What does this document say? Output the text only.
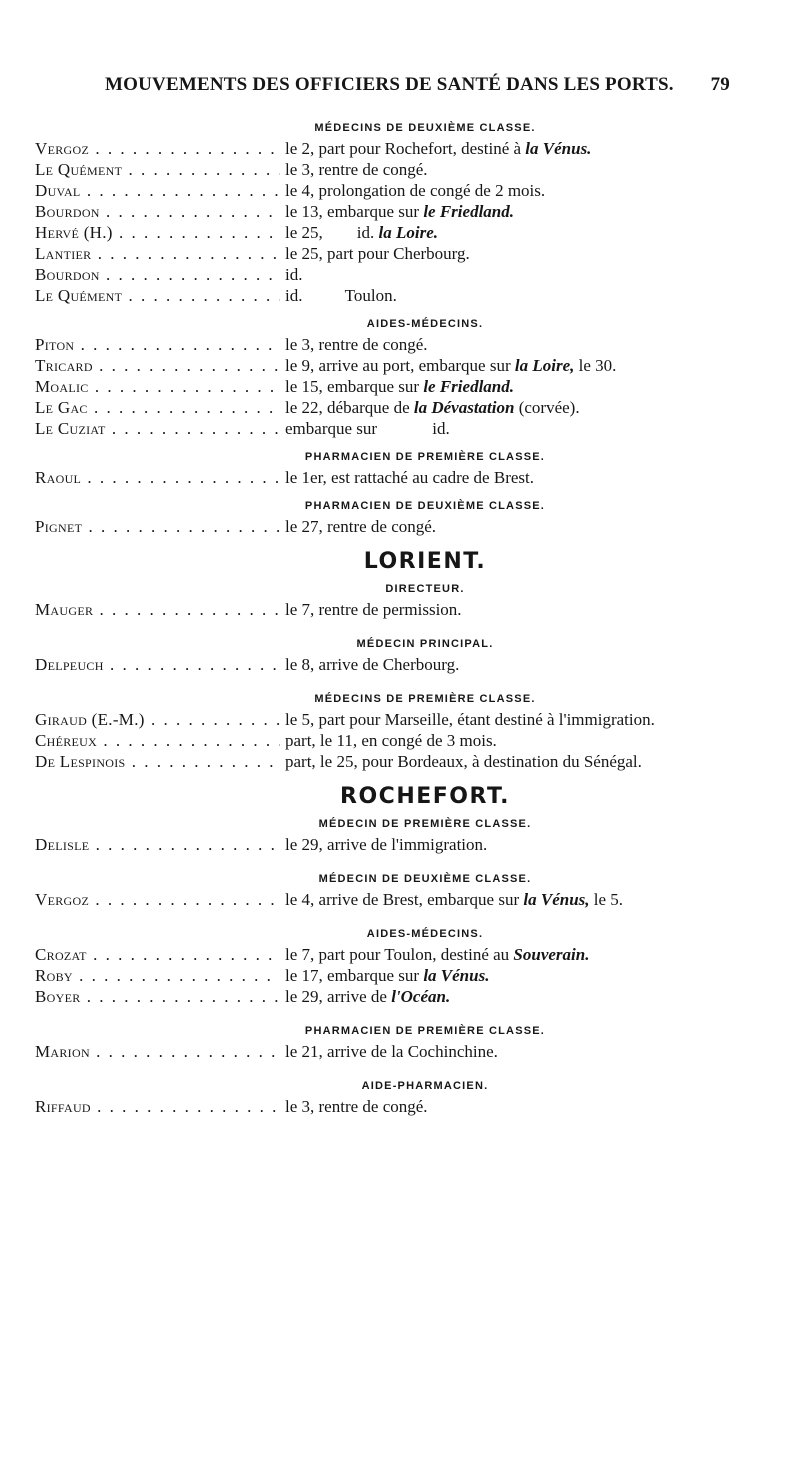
MOUVEMENTS DES OFFICIERS DE SANTÉ DANS LES PORTS. 79
MÉDECINS DE DEUXIÈME CLASSE.
Vergoz . . .	le 2, part pour Rochefort, destiné à la Vénus.
Le Quément . . .	le 3, rentre de congé.
Duval . . .	le 4, prolongation de congé de 2 mois.
Bourdon . . .	le 13, embarque sur le Friedland.
Hervé (H.) . . .	le 25,        id. la Loire.
Lantier . . .	le 25, part pour Cherbourg.
Bourdon . . .	id.
Le Quément . . .	id.          Toulon.
AIDES-MÉDECINS.
Piton . . .	le 3, rentre de congé.
Tricard . . .	le 9, arrive au port, embarque sur la Loire, le 30.
Moalic . . .	le 15, embarque sur le Friedland.
Le Gac . . .	le 22, débarque de la Dévastation (corvée).
Le Cuziat . . .	embarque sur             id.
PHARMACIEN DE PREMIÈRE CLASSE.
Raoul . . .	le 1er, est rattaché au cadre de Brest.
PHARMACIEN DE DEUXIÈME CLASSE.
Pignet . . .	le 27, rentre de congé.
LORIENT.
DIRECTEUR.
Mauger . . .	le 7, rentre de permission.
MÉDECIN PRINCIPAL.
Delpeuch . . .	le 8, arrive de Cherbourg.
MÉDECINS DE PREMIÈRE CLASSE.
Giraud (E.-M.) . . .	le 5, part pour Marseille, étant destiné à l'immigration.
Chéreux . . .	part, le 11, en congé de 3 mois.
De Lespinois . . .	part, le 25, pour Bordeaux, à destination du Sénégal.
ROCHEFORT.
MÉDECIN DE PREMIÈRE CLASSE.
Delisle . . .	le 29, arrive de l'immigration.
MÉDECIN DE DEUXIÈME CLASSE.
Vergoz . . .	le 4, arrive de Brest, embarque sur la Vénus, le 5.
AIDES-MÉDECINS.
Crozat . . .	le 7, part pour Toulon, destiné au Souverain.
Roby . . .	le 17, embarque sur la Vénus.
Boyer . . .	le 29, arrive de l'Océan.
PHARMACIEN DE PREMIÈRE CLASSE.
Marion . . .	le 21, arrive de la Cochinchine.
AIDE-PHARMACIEN.
Riffaud . . .	le 3, rentre de congé.
